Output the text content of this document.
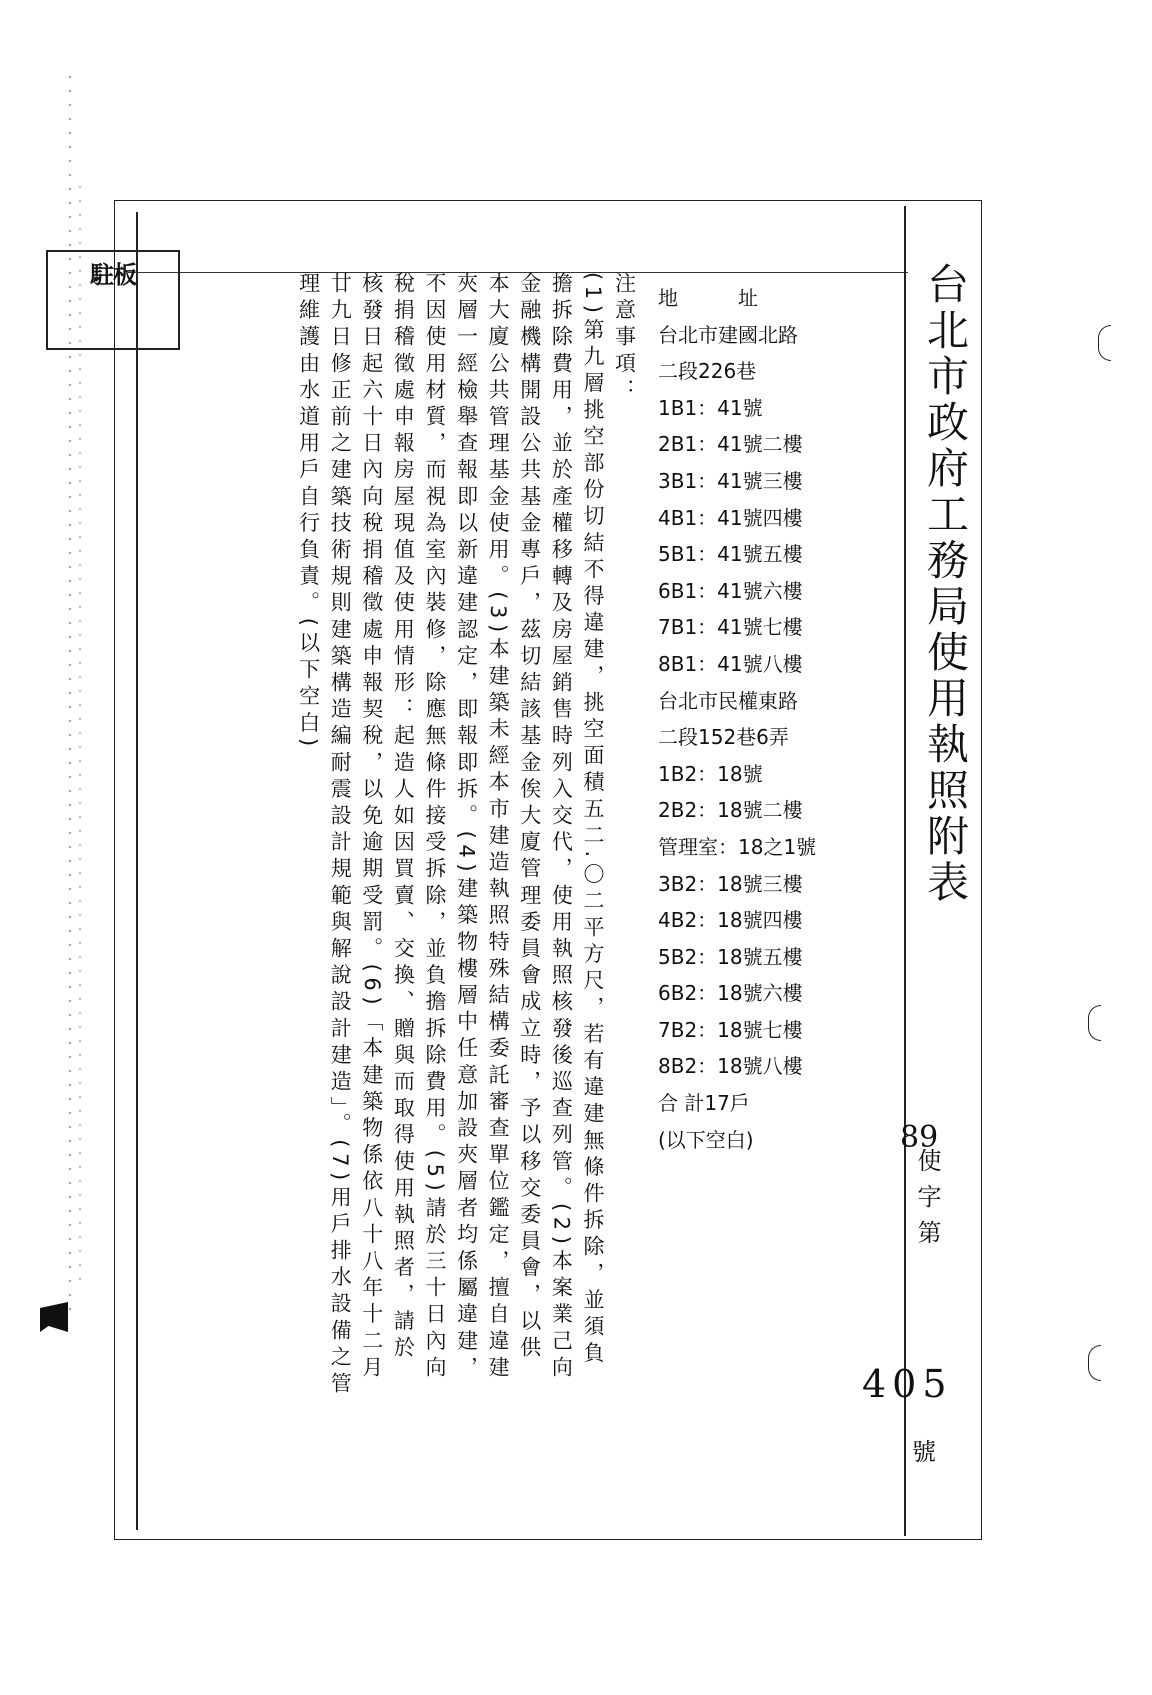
駐板	台北市政府工務局使用執照附表
89
使字第
405
號
地址
台北市建國北路
二段226巷
1B1：41號
2B1：41號二樓
3B1：41號三樓
4B1：41號四樓
5B1：41號五樓
6B1：41號六樓
7B1：41號七樓
8B1：41號八樓
台北市民權東路
二段152巷6弄
1B2：18號
2B2：18號二樓
管理室：18之1號
3B2：18號三樓
4B2：18號四樓
5B2：18號五樓
6B2：18號六樓
7B2：18號七樓
8B2：18號八樓
合 計17戶
(以下空白)
注意事項：
(1)第九層挑空部份切結不得違建，挑空面積五二.〇二平方尺，若有違建無條件拆除，並須負
擔拆除費用，並於產權移轉及房屋銷售時列入交代，使用執照核發後巡查列管。(2)本案業己向
金融機構開設公共基金專戶，茲切結該基金俟大廈管理委員會成立時，予以移交委員會，以供
本大廈公共管理基金使用。(3)本建築未經本市建造執照特殊結構委託審查單位鑑定，擅自違建
夾層一經檢舉查報即以新違建認定，即報即拆。(4)建築物樓層中任意加設夾層者均係屬違建，
不因使用材質，而視為室內裝修，除應無條件接受拆除，並負擔拆除費用。(5)請於三十日內向
稅捐稽徵處申報房屋現值及使用情形：起造人如因買賣、交換、贈與而取得使用執照者，請於
核發日起六十日內向稅捐稽徵處申報契稅，以免逾期受罰。(6)「本建築物係依八十八年十二月
廿九日修正前之建築技術規則建築構造編耐震設計規範與解說設計建造」。(7)用戶排水設備之管
理維護由水道用戶自行負責。(以下空白)
